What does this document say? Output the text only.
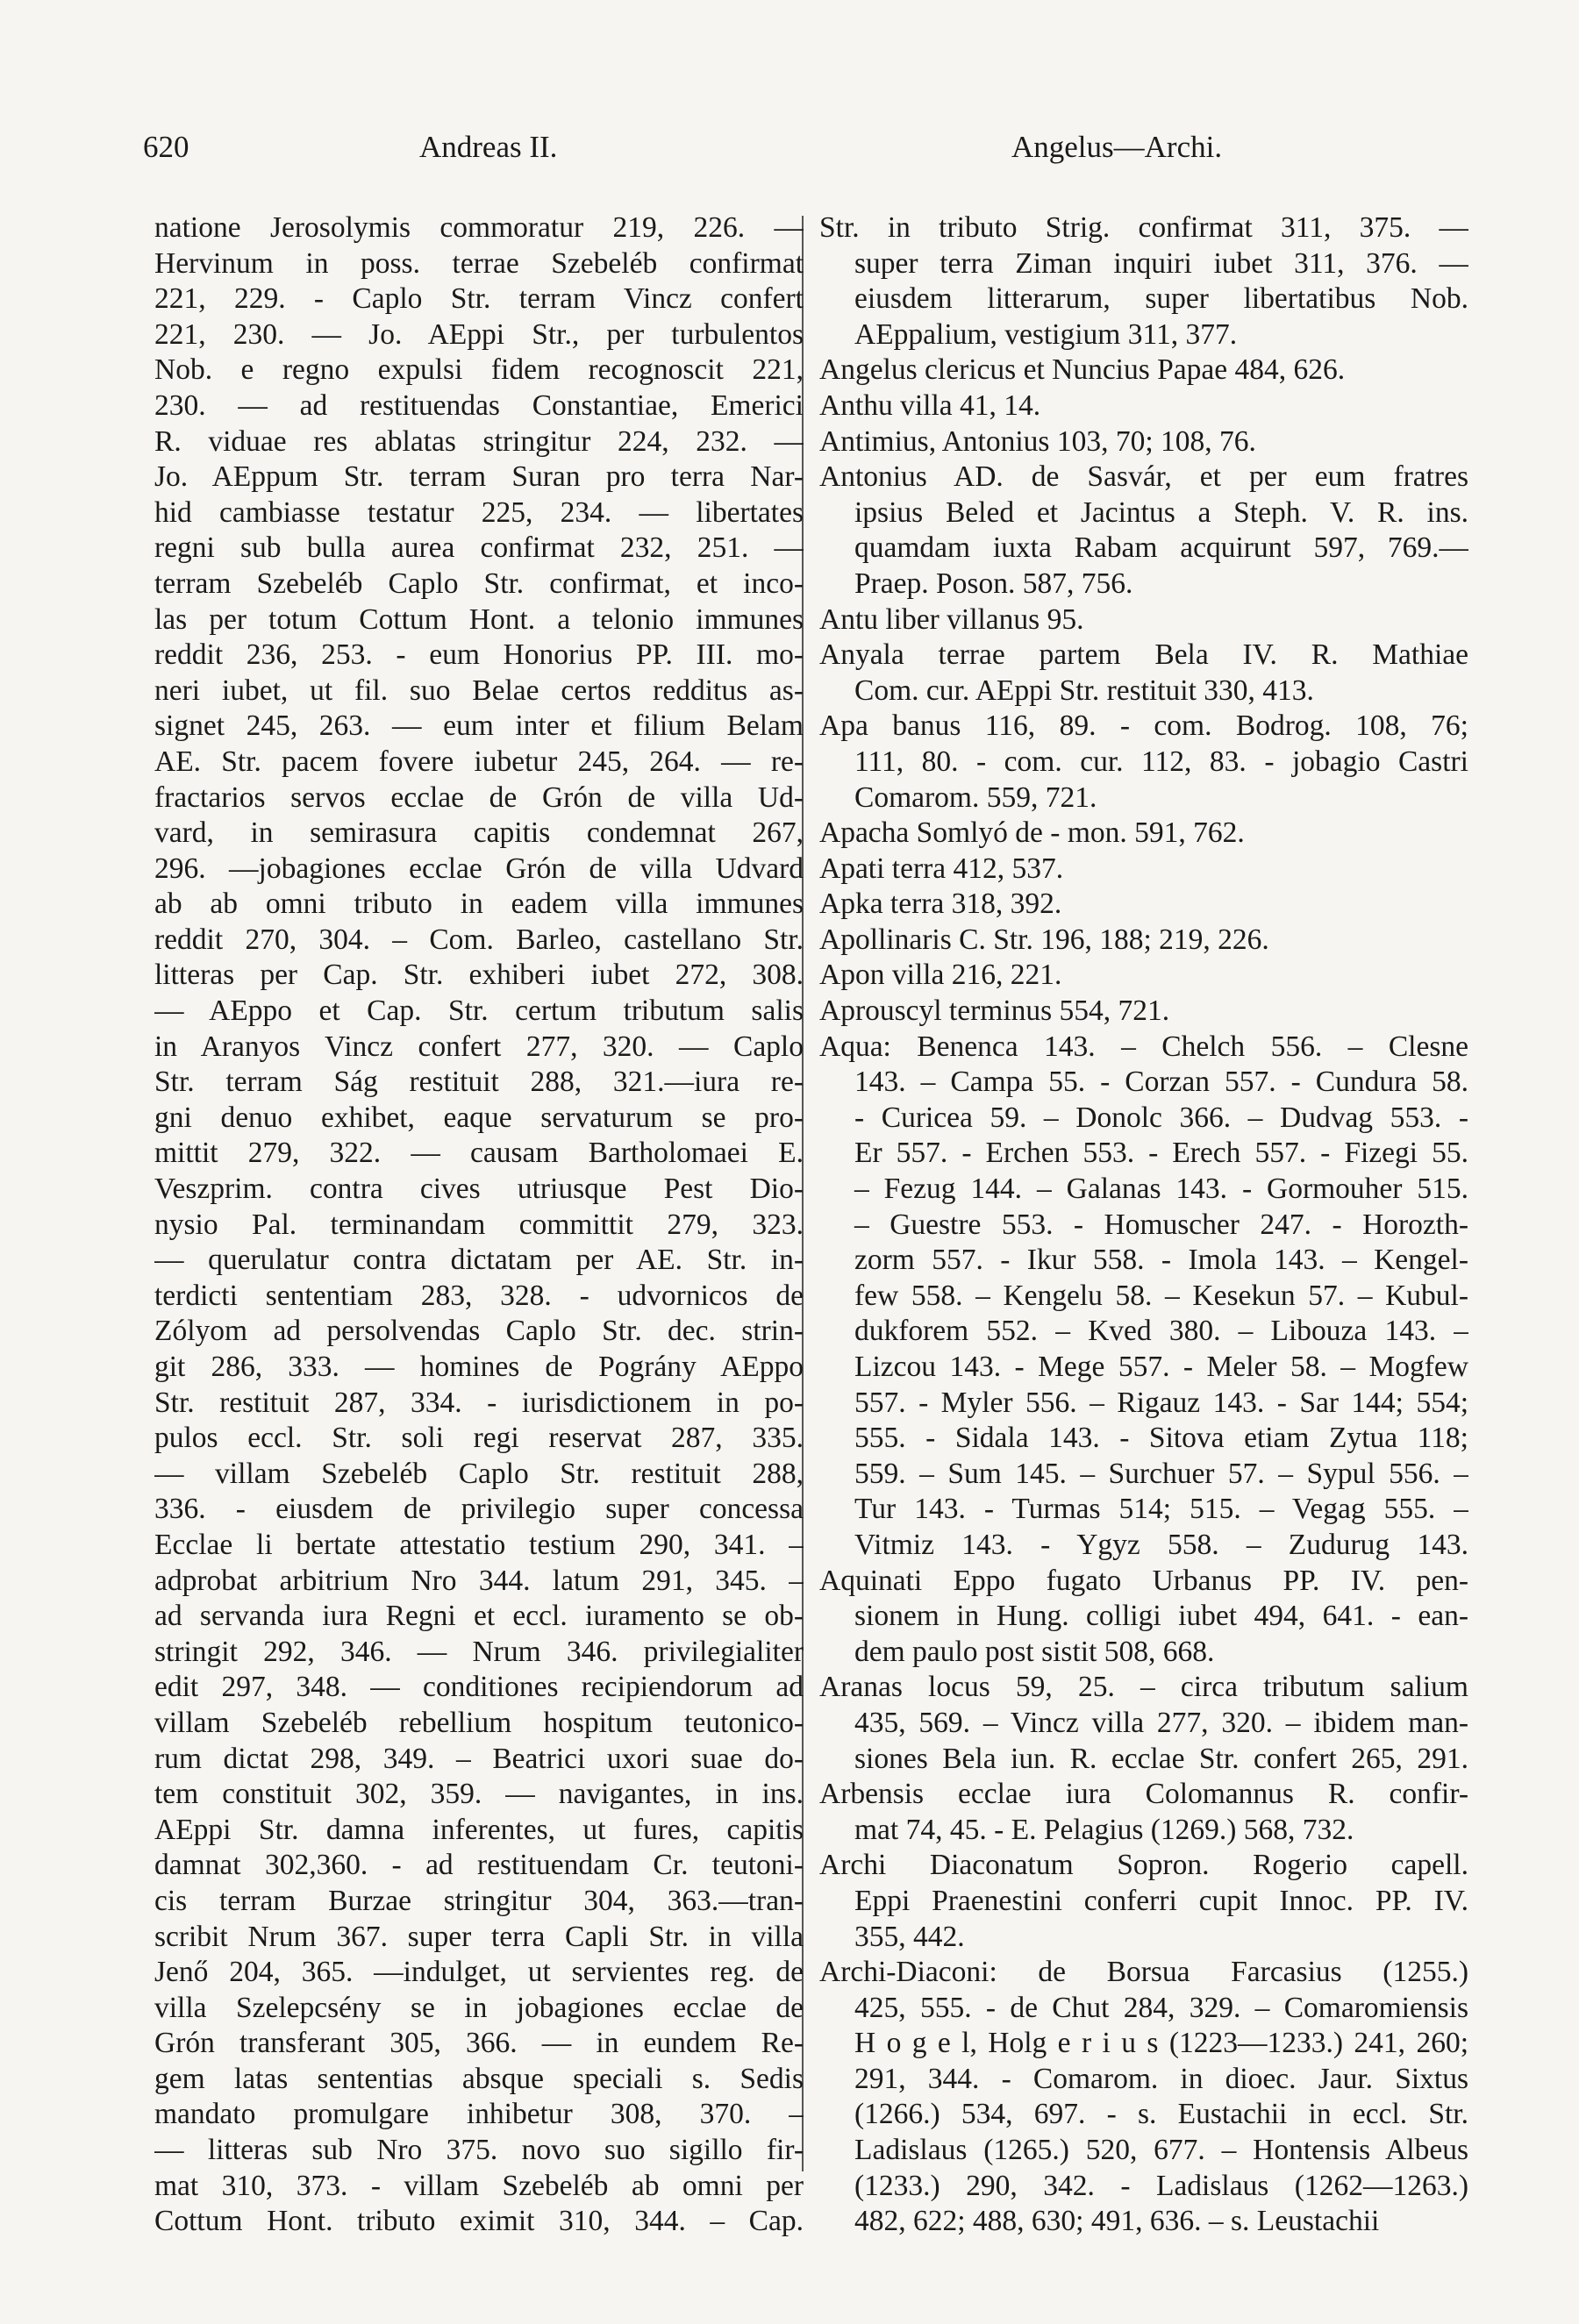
620	Andreas II.	Angelus—Archi.
natione Jerosolymis commoratur 219, 226. —
Hervinum in poss. terrae Szebeléb confirmat
221, 229. - Caplo Str. terram Vincz confert
221, 230. — Jo. AEppi Str., per turbulentos
Nob. e regno expulsi fidem recognoscit 221,
230. — ad restituendas Constantiae, Emerici
R. viduae res ablatas stringitur 224, 232. —
Jo. AEppum Str. terram Suran pro terra Nar-
hid cambiasse testatur 225, 234. — libertates
regni sub bulla aurea confirmat 232, 251. —
terram Szebeléb Caplo Str. confirmat, et inco-
las per totum Cottum Hont. a telonio immunes
reddit 236, 253. - eum Honorius PP. III. mo-
neri iubet, ut fil. suo Belae certos redditus as-
signet 245, 263. — eum inter et filium Belam
AE. Str. pacem fovere iubetur 245, 264. — re-
fractarios servos ecclae de Grón de villa Ud-
vard, in semirasura capitis condemnat 267,
296. —jobagiones ecclae Grón de villa Udvard
ab ab omni tributo in eadem villa immunes
reddit 270, 304. – Com. Barleo, castellano Str.
litteras per Cap. Str. exhiberi iubet 272, 308.
— AEppo et Cap. Str. certum tributum salis
in Aranyos Vincz confert 277, 320. — Caplo
Str. terram Ság restituit 288, 321.—iura re-
gni denuo exhibet, eaque servaturum se pro-
mittit 279, 322. — causam Bartholomaei E.
Veszprim. contra cives utriusque Pest Dio-
nysio Pal. terminandam committit 279, 323.
— querulatur contra dictatam per AE. Str. in-
terdicti sententiam 283, 328. - udvornicos de
Zólyom ad persolvendas Caplo Str. dec. strin-
git 286, 333. — homines de Pográny AEppo
Str. restituit 287, 334. - iurisdictionem in po-
pulos eccl. Str. soli regi reservat 287, 335.
— villam Szebeléb Caplo Str. restituit 288,
336. - eiusdem de privilegio super concessa
Ecclae li bertate attestatio testium 290, 341. –
adprobat arbitrium Nro 344. latum 291, 345. –
ad servanda iura Regni et eccl. iuramento se ob-
stringit 292, 346. — Nrum 346. privilegialiter
edit 297, 348. — conditiones recipiendorum ad
villam Szebeléb rebellium hospitum teutonico-
rum dictat 298, 349. – Beatrici uxori suae do-
tem constituit 302, 359. — navigantes, in ins.
AEppi Str. damna inferentes, ut fures, capitis
damnat 302,360. - ad restituendam Cr. teutoni-
cis terram Burzae stringitur 304, 363.—tran-
scribit Nrum 367. super terra Capli Str. in villa
Jenő 204, 365. —indulget, ut servientes reg. de
villa Szelepcsény se in jobagiones ecclae de
Grón transferant 305, 366. — in eundem Re-
gem latas sententias absque speciali s. Sedis
mandato promulgare inhibetur 308, 370. –
— litteras sub Nro 375. novo suo sigillo fir-
mat 310, 373. - villam Szebeléb ab omni per
Cottum Hont. tributo eximit 310, 344. – Cap.
Str. in tributo Strig. confirmat 311, 375. —
super terra Ziman inquiri iubet 311, 376. —
eiusdem litterarum, super libertatibus Nob.
AEppalium, vestigium 311, 377.
Angelus clericus et Nuncius Papae 484, 626.
Anthu villa 41, 14.
Antimius, Antonius 103, 70; 108, 76.
Antonius AD. de Sasvár, et per eum fratres
ipsius Beled et Jacintus a Steph. V. R. ins.
quamdam iuxta Rabam acquirunt 597, 769.—
Praep. Poson. 587, 756.
Antu liber villanus 95.
Anyala terrae partem Bela IV. R. Mathiae
Com. cur. AEppi Str. restituit 330, 413.
Apa banus 116, 89. - com. Bodrog. 108, 76;
111, 80. - com. cur. 112, 83. - jobagio Castri
Comarom. 559, 721.
Apacha Somlyó de - mon. 591, 762.
Apati terra 412, 537.
Apka terra 318, 392.
Apollinaris C. Str. 196, 188; 219, 226.
Apon villa 216, 221.
Aprouscyl terminus 554, 721.
Aqua: Benenca 143. – Chelch 556. – Clesne
143. – Campa 55. - Corzan 557. - Cundura 58.
- Curicea 59. – Donolc 366. – Dudvag 553. -
Er 557. - Erchen 553. - Erech 557. - Fizegi 55.
– Fezug 144. – Galanas 143. - Gormouher 515.
– Guestre 553. - Homuscher 247. - Horozth-
zorm 557. - Ikur 558. - Imola 143. – Kengel-
few 558. – Kengelu 58. – Kesekun 57. – Kubul-
dukforem 552. – Kved 380. – Libouza 143. –
Lizcou 143. - Mege 557. - Meler 58. – Mogfew
557. - Myler 556. – Rigauz 143. - Sar 144; 554;
555. - Sidala 143. - Sitova etiam Zytua 118;
559. – Sum 145. – Surchuer 57. – Sypul 556. –
Tur 143. - Turmas 514; 515. – Vegag 555. –
Vitmiz 143. - Ygyz 558. – Zudurug 143.
Aquinati Eppo fugato Urbanus PP. IV. pen-
sionem in Hung. colligi iubet 494, 641. - ean-
dem paulo post sistit 508, 668.
Aranas locus 59, 25. – circa tributum salium
435, 569. – Vincz villa 277, 320. – ibidem man-
siones Bela iun. R. ecclae Str. confert 265, 291.
Arbensis ecclae iura Colomannus R. confir-
mat 74, 45. - E. Pelagius (1269.) 568, 732.
Archi Diaconatum Sopron. Rogerio capell.
Eppi Praenestini conferri cupit Innoc. PP. IV.
355, 442.
Archi-Diaconi: de Borsua Farcasius (1255.)
425, 555. - de Chut 284, 329. – Comaromiensis
H o g e l, Holg e r i u s (1223—1233.) 241, 260;
291, 344. - Comarom. in dioec. Jaur. Sixtus
(1266.) 534, 697. - s. Eustachii in eccl. Str.
Ladislaus (1265.) 520, 677. – Hontensis Albeus
(1233.) 290, 342. - Ladislaus (1262—1263.)
482, 622; 488, 630; 491, 636. – s. Leustachii
